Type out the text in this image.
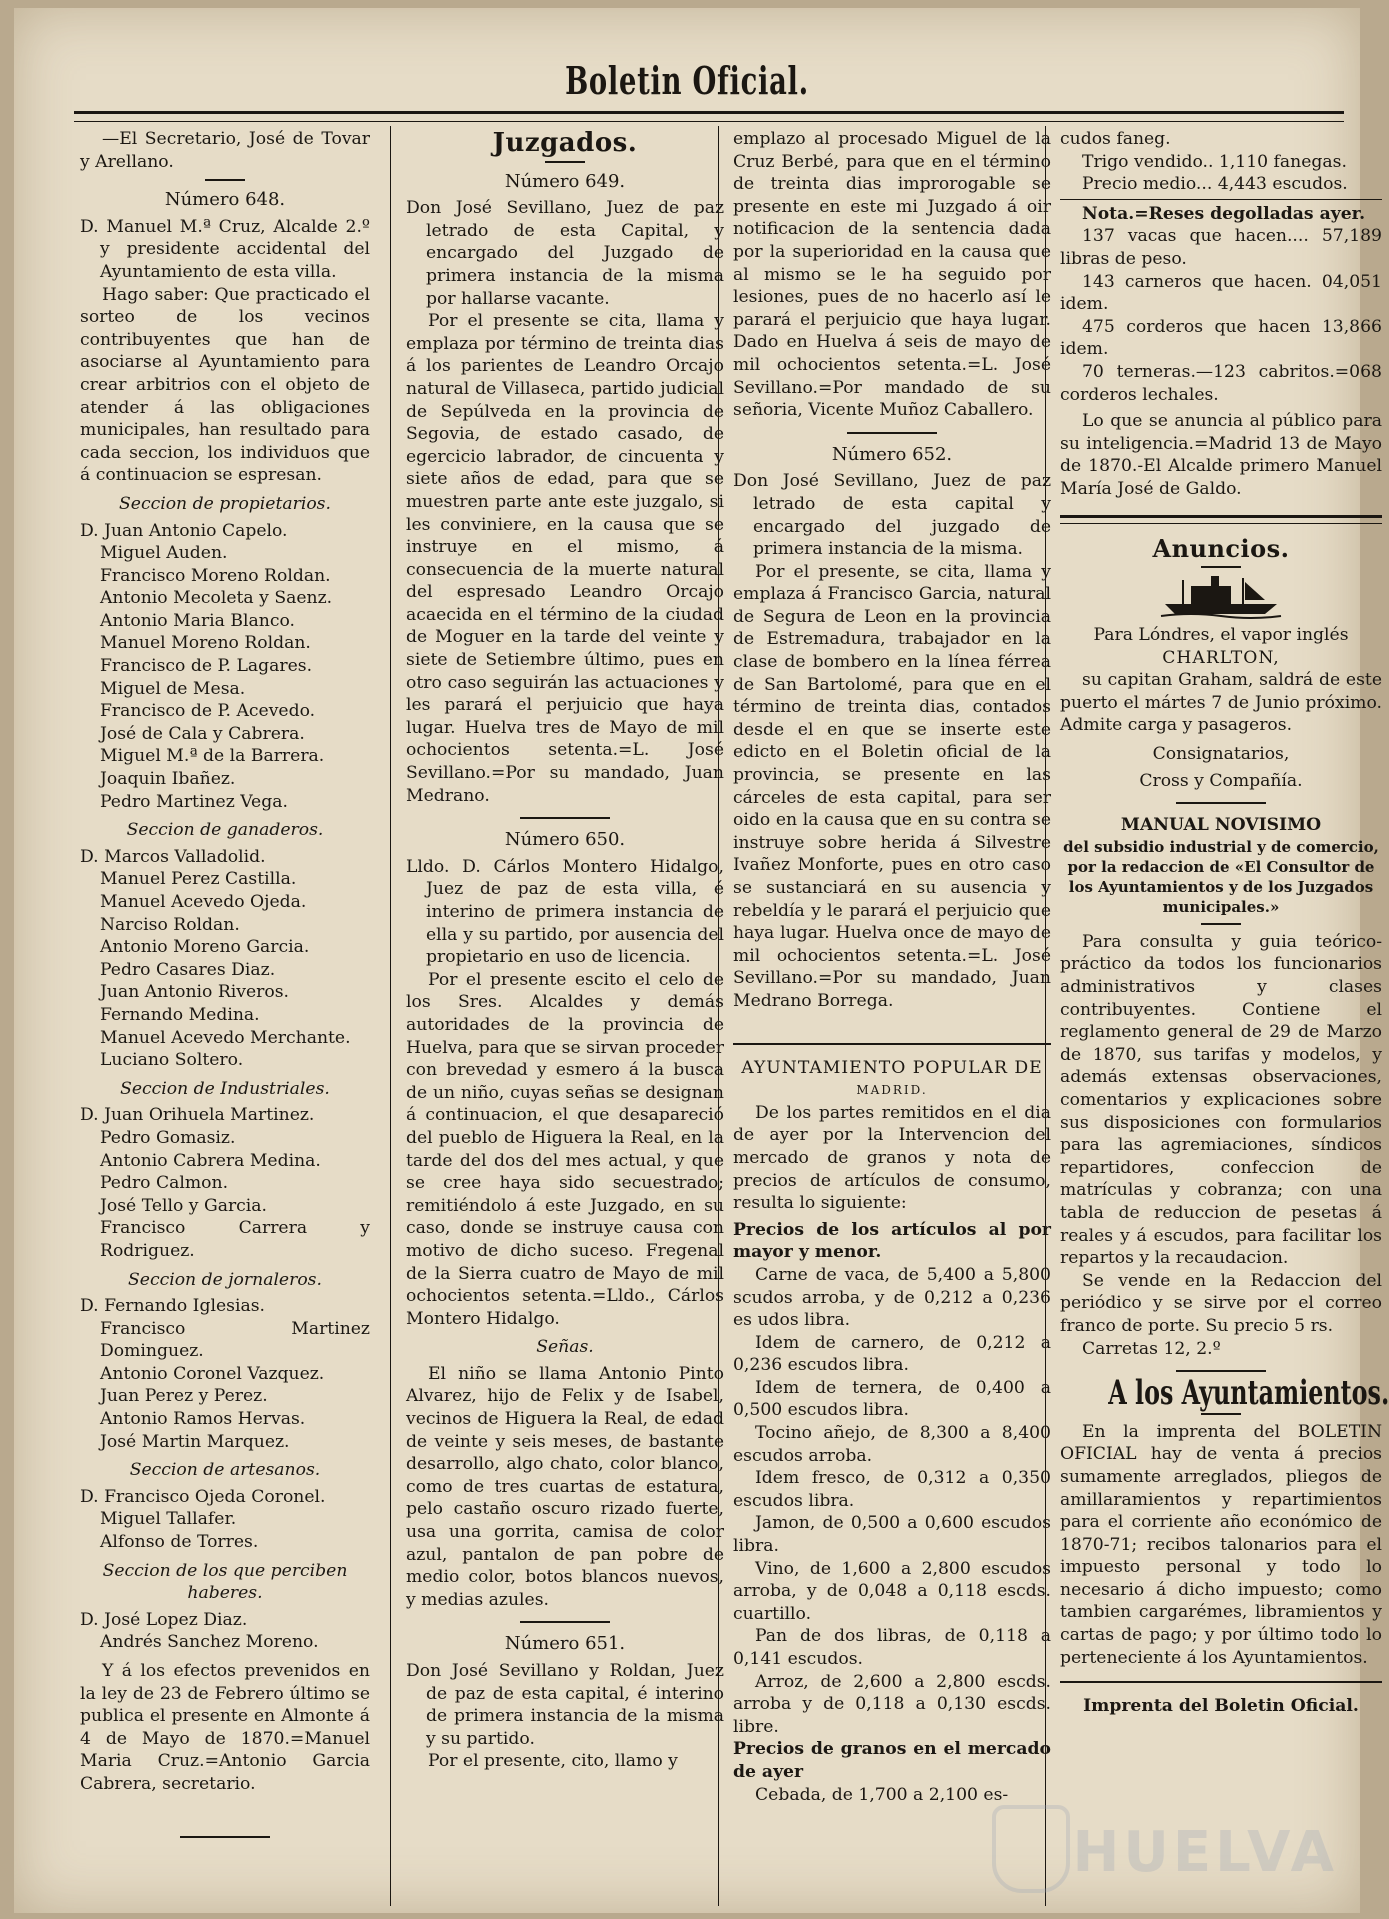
Boletin Oficial.

—El Secretario, José de Tovar y Arellano.

Número 648.

D. Manuel M.ª Cruz, Alcalde 2.º y presidente accidental del Ayuntamiento de esta villa.

Hago saber: Que practicado el sorteo de los vecinos contribuyentes que han de asociarse al Ayuntamiento para crear arbitrios con el objeto de atender á las obligaciones municipales, han resultado para cada seccion, los individuos que á continuacion se espresan.

Seccion de propietarios.

D. Juan Antonio Capelo.

Miguel Auden.

Francisco Moreno Roldan.

Antonio Mecoleta y Saenz.

Antonio Maria Blanco.

Manuel Moreno Roldan.

Francisco de P. Lagares.

Miguel de Mesa.

Francisco de P. Acevedo.

José de Cala y Cabrera.

Miguel M.ª de la Barrera.

Joaquin Ibañez.

Pedro Martinez Vega.

Seccion de ganaderos.

D. Marcos Valladolid.

Manuel Perez Castilla.

Manuel Acevedo Ojeda.

Narciso Roldan.

Antonio Moreno Garcia.

Pedro Casares Diaz.

Juan Antonio Riveros.

Fernando Medina.

Manuel Acevedo Merchante.

Luciano Soltero.

Seccion de Industriales.

D. Juan Orihuela Martinez.

Pedro Gomasiz.

Antonio Cabrera Medina.

Pedro Calmon.

José Tello y Garcia.

Francisco Carrera y Rodriguez.

Seccion de jornaleros.

D. Fernando Iglesias.

Francisco Martinez Dominguez.

Antonio Coronel Vazquez.

Juan Perez y Perez.

Antonio Ramos Hervas.

José Martin Marquez.

Seccion de artesanos.

D. Francisco Ojeda Coronel.

Miguel Tallafer.

Alfonso de Torres.

Seccion de los que perciben haberes.

D. José Lopez Diaz.

Andrés Sanchez Moreno.

Y á los efectos prevenidos en la ley de 23 de Febrero último se publica el presente en Almonte á 4 de Mayo de 1870.=Manuel Maria Cruz.=Antonio Garcia Cabrera, secretario.

Juzgados.
Número 649.

Don José Sevillano, Juez de paz letrado de esta Capital, y encargado del Juzgado de primera instancia de la misma por hallarse vacante.

Por el presente se cita, llama y emplaza por término de treinta dias á los parientes de Leandro Orcajo natural de Villaseca, partido judicial de Sepúlveda en la provincia de Segovia, de estado casado, de egercicio labrador, de cincuenta y siete años de edad, para que se muestren parte ante este juzgalo, si les conviniere, en la causa que se instruye en el mismo, á consecuencia de la muerte natural del espresado Leandro Orcajo acaecida en el término de la ciudad de Moguer en la tarde del veinte y siete de Setiembre último, pues en otro caso seguirán las actuaciones y les parará el perjuicio que haya lugar. Huelva tres de Mayo de mil ochocientos setenta.=L. José Sevillano.=Por su mandado, Juan Medrano.

Número 650.

Lldo. D. Cárlos Montero Hidalgo, Juez de paz de esta villa, é interino de primera instancia de ella y su partido, por ausencia del propietario en uso de licencia.

Por el presente escito el celo de los Sres. Alcaldes y demás autoridades de la provincia de Huelva, para que se sirvan proceder con brevedad y esmero á la busca de un niño, cuyas señas se designan á continuacion, el que desapareció del pueblo de Higuera la Real, en la tarde del dos del mes actual, y que se cree haya sido secuestrado; remitiéndolo á este Juzgado, en su caso, donde se instruye causa con motivo de dicho suceso. Fregenal de la Sierra cuatro de Mayo de mil ochocientos setenta.=Lldo., Cárlos Montero Hidalgo.

Señas.

El niño se llama Antonio Pinto Alvarez, hijo de Felix y de Isabel, vecinos de Higuera la Real, de edad de veinte y seis meses, de bastante desarrollo, algo chato, color blanco, como de tres cuartas de estatura, pelo castaño oscuro rizado fuerte, usa una gorrita, camisa de color azul, pantalon de pan pobre de medio color, botos blancos nuevos, y medias azules.

Número 651.

Don José Sevillano y Roldan, Juez de paz de esta capital, é interino de primera instancia de la misma y su partido.

Por el presente, cito, llamo y

emplazo al procesado Miguel de la Cruz Berbé, para que en el término de treinta dias improrogable se presente en este mi Juzgado á oir notificacion de la sentencia dada por la superioridad en la causa que al mismo se le ha seguido por lesiones, pues de no hacerlo así le parará el perjuicio que haya lugar. Dado en Huelva á seis de mayo de mil ochocientos setenta.=L. José Sevillano.=Por mandado de su señoria, Vicente Muñoz Caballero.

Número 652.

Don José Sevillano, Juez de paz letrado de esta capital y encargado del juzgado de primera instancia de la misma.

Por el presente, se cita, llama y emplaza á Francisco Garcia, natural de Segura de Leon en la provincia de Estremadura, trabajador en la clase de bombero en la línea férrea de San Bartolomé, para que en el término de treinta dias, contados desde el en que se inserte este edicto en el Boletin oficial de la provincia, se presente en las cárceles de esta capital, para ser oido en la causa que en su contra se instruye sobre herida á Silvestre Ivañez Monforte, pues en otro caso se sustanciará en su ausencia y rebeldía y le parará el perjuicio que haya lugar. Huelva once de mayo de mil ochocientos setenta.=L. José Sevillano.=Por su mandado, Juan Medrano Borrega.

AYUNTAMIENTO POPULAR DE
MADRID.

De los partes remitidos en el dia de ayer por la Intervencion del mercado de granos y nota de precios de artículos de consumo, resulta lo siguiente:

Precios de los artículos al por mayor y menor.

Carne de vaca, de 5,400 a 5,800 scudos arroba, y de 0,212 a 0,236 es udos libra.

Idem de carnero, de 0,212 a 0,236 escudos libra.

Idem de ternera, de 0,400 a 0,500 escudos libra.

Tocino añejo, de 8,300 a 8,400 escudos arroba.

Idem fresco, de 0,312 a 0,350 escudos libra.

Jamon, de 0,500 a 0,600 escudos libra.

Vino, de 1,600 a 2,800 escudos arroba, y de 0,048 a 0,118 escds. cuartillo.

Pan de dos libras, de 0,118 a 0,141 escudos.

Arroz, de 2,600 a 2,800 escds. arroba y de 0,118 a 0,130 escds. libre.

Precios de granos en el mercado de ayer

Cebada, de 1,700 a 2,100 es-

cudos faneg.

Trigo vendido.. 1,110 fanegas.

Precio medio... 4,443 escudos.

Nota.=Reses degolladas ayer.

137 vacas que hacen.... 57,189 libras de peso.

143 carneros que hacen. 04,051 idem.

475 corderos que hacen 13,866 idem.

70 terneras.—123 cabritos.=068 corderos lechales.

Lo que se anuncia al público para su inteligencia.=Madrid 13 de Mayo de 1870.-El Alcalde primero Manuel María José de Galdo.

Anuncios.

Para Lóndres, el vapor inglés

CHARLTON,

su capitan Graham, saldrá de este puerto el mártes 7 de Junio próximo. Admite carga y pasageros.

Consignatarios,

Cross y Compañía.

MANUAL NOVISIMO

del subsidio industrial y de comercio, por la redaccion de «El Consultor de los Ayuntamientos y de los Juzgados municipales.»

Para consulta y guia teórico-práctico da todos los funcionarios administrativos y clases contribuyentes. Contiene el reglamento general de 29 de Marzo de 1870, sus tarifas y modelos, y además extensas observaciones, comentarios y explicaciones sobre sus disposiciones con formularios para las agremiaciones, síndicos repartidores, confeccion de matrículas y cobranza; con una tabla de reduccion de pesetas á reales y á escudos, para facilitar los repartos y la recaudacion.

Se vende en la Redaccion del periódico y se sirve por el correo franco de porte. Su precio 5 rs.

Carretas 12, 2.º

A los Ayuntamientos.

En la imprenta del BOLETIN OFICIAL hay de venta á precios sumamente arreglados, pliegos de amillaramientos y repartimientos para el corriente año económico de 1870-71; recibos talonarios para el impuesto personal y todo lo necesario á dicho impuesto; como tambien cargarémes, libramientos y cartas de pago; y por último todo lo perteneciente á los Ayuntamientos.

Imprenta del Boletin Oficial.

HUELVA
